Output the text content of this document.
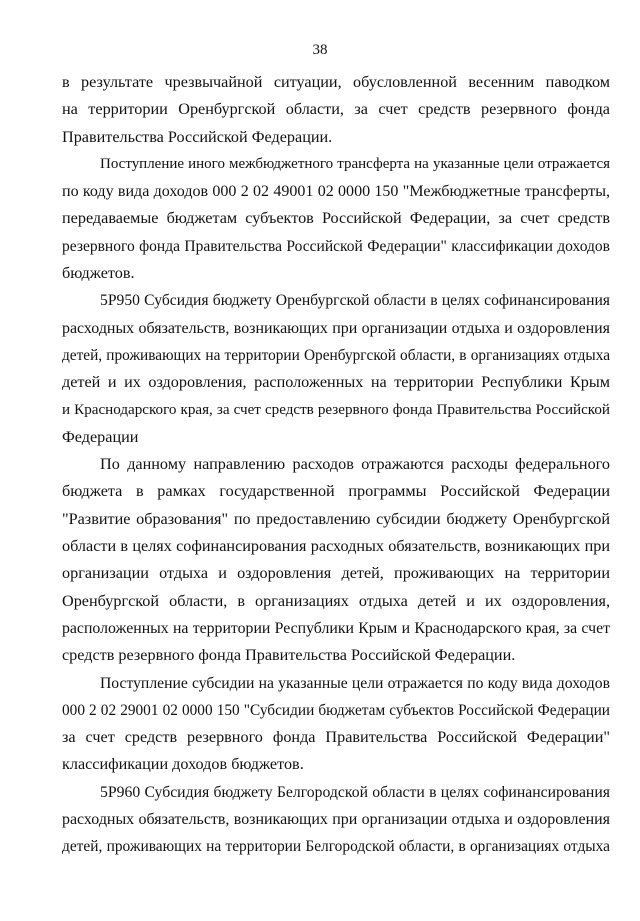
38
в результате чрезвычайной ситуации, обусловленной весенним паводком
на территории Оренбургской области, за счет средств резервного фонда
Правительства Российской Федерации.
Поступление иного межбюджетного трансферта на указанные цели отражается
по коду вида доходов 000 2 02 49001 02 0000 150 "Межбюджетные трансферты,
передаваемые бюджетам субъектов Российской Федерации, за счет средств
резервного фонда Правительства Российской Федерации" классификации доходов
бюджетов.
5Р950 Субсидия бюджету Оренбургской области в целях софинансирования
расходных обязательств, возникающих при организации отдыха и оздоровления
детей, проживающих на территории Оренбургской области, в организациях отдыха
детей и их оздоровления, расположенных на территории Республики Крым
и Краснодарского края, за счет средств резервного фонда Правительства Российской
Федерации
По данному направлению расходов отражаются расходы федерального
бюджета в рамках государственной программы Российской Федерации
"Развитие образования" по предоставлению субсидии бюджету Оренбургской
области в целях софинансирования расходных обязательств, возникающих при
организации отдыха и оздоровления детей, проживающих на территории
Оренбургской области, в организациях отдыха детей и их оздоровления,
расположенных на территории Республики Крым и Краснодарского края, за счет
средств резервного фонда Правительства Российской Федерации.
Поступление субсидии на указанные цели отражается по коду вида доходов
000 2 02 29001 02 0000 150 "Субсидии бюджетам субъектов Российской Федерации
за счет средств резервного фонда Правительства Российской Федерации"
классификации доходов бюджетов.
5Р960 Субсидия бюджету Белгородской области в целях софинансирования
расходных обязательств, возникающих при организации отдыха и оздоровления
детей, проживающих на территории Белгородской области, в организациях отдыха
